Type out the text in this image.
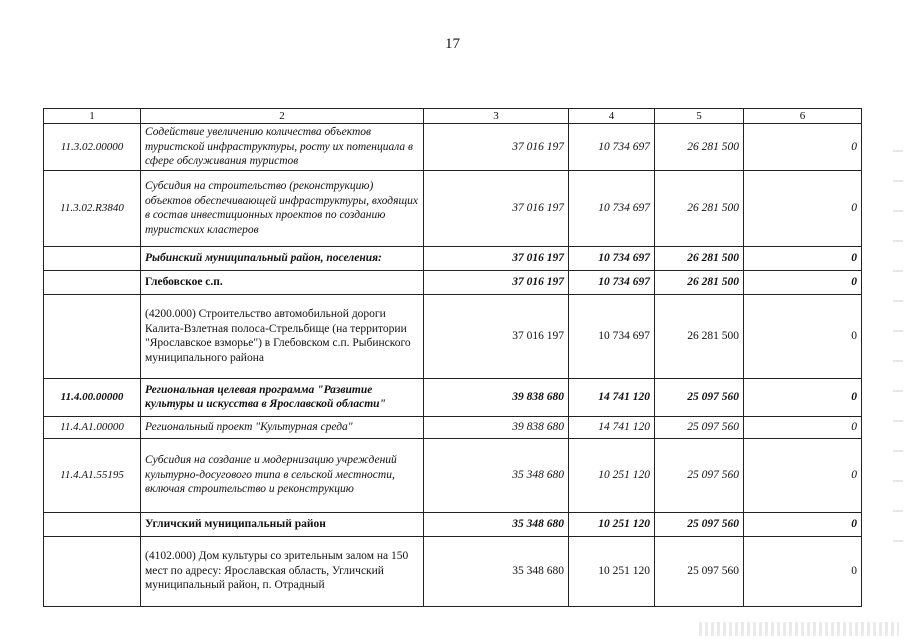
17
1	2	3	4	5	6
11.3.02.00000	Содействие увеличению количества объектов туристской инфраструктуры, росту их потенциала в сфере обслуживания туристов	37 016 197	10 734 697	26 281 500	0
11.3.02.R3840	Субсидия на строительство (реконструкцию) объектов обеспечивающей инфраструктуры, входящих в состав инвестиционных проектов по созданию туристских кластеров	37 016 197	10 734 697	26 281 500	0
	Рыбинский муниципальный район, поселения:	37 016 197	10 734 697	26 281 500	0
	Глебовское с.п.	37 016 197	10 734 697	26 281 500	0
	(4200.000) Строительство автомобильной дороги Калита-Взлетная полоса-Стрельбище (на территории "Ярославское взморье") в Глебовском с.п. Рыбинского муниципального района	37 016 197	10 734 697	26 281 500	0
11.4.00.00000	Региональная целевая программа "Развитие культуры и искусства в Ярославской области"	39 838 680	14 741 120	25 097 560	0
11.4.А1.00000	Региональный проект "Культурная среда"	39 838 680	14 741 120	25 097 560	0
11.4.А1.55195	Субсидия на создание и модернизацию учреждений культурно-досугового типа в сельской местности, включая строительство и реконструкцию	35 348 680	10 251 120	25 097 560	0
	Угличский муниципальный район	35 348 680	10 251 120	25 097 560	0
	(4102.000) Дом культуры со зрительным залом на 150 мест по адресу: Ярославская область, Угличский муниципальный район, п. Отрадный	35 348 680	10 251 120	25 097 560	0
